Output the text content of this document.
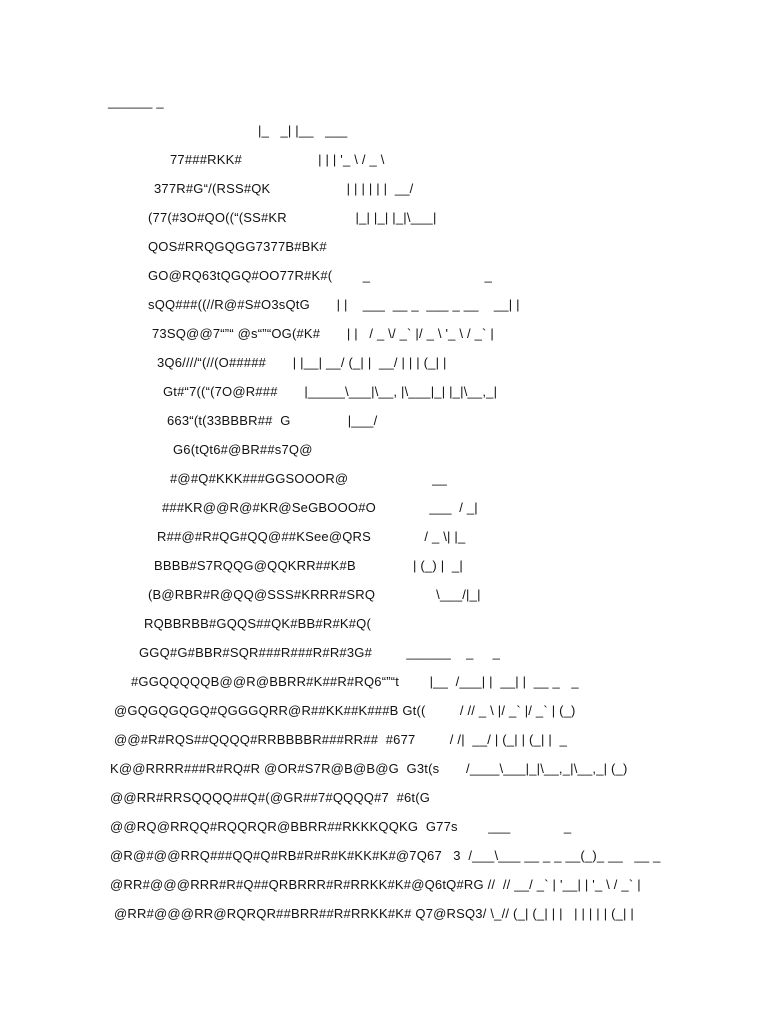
______ _
|_   _| |__   ___
77###RKK#                    | | | '_ \ / _ \
377R#G“/(RSS#QK                    | | | | | |  __/
(77(#3O#QO((“(SS#KR                  |_| |_| |_|\___|
QOS#RRQGQGG7377B#BK#
GO@RQ63tQGQ#OO77R#K#(        _                              _
sQQ###((//R@#S#O3sQtG       | |    ___  __ _  ___ _ __    __| |
73SQ@@7“”“ @s“”“OG(#K#       | |   / _ \/ _` |/ _ \ '_ \ / _` |
3Q6////“(//(O#####       | |__| __/ (_| |  __/ | | | (_| |
Gt#“7((“(7O@R###       |_____\___|\__, |\___|_| |_|\__,_|
663“(t(33BBBR##  G               |___/
G6(tQt6#@BR##s7Q@
#@#Q#KKK###GGSOOOR@                      __
###KR@@R@#KR@SeGBOOO#O              ___  / _|
R##@#R#QG#QQ@##KSee@QRS              / _ \| |_
BBBB#S7RQQG@QQKRR##K#B               | (_) |  _|
(B@RBR#R@QQ@SSS#KRRR#SRQ                \___/|_|
RQBBRBB#GQQS##QK#BB#R#K#Q(
GGQ#G#BBR#SQR###R###R#R#3G#         ______    _     _
#GGQQQQQB@@R@BBRR#K##R#RQ6“”“t        |__  /___| |  __| |  __ _   _
@GQGQGQGQ#QGGGQRR@R##KK##K###B Gt((         / // _ \ |/ _` |/ _` | (_)
@@#R#RQS##QQQQ#RRBBBBR###RR##  #677         / /|  __/ | (_| | (_| |  _
K@@RRRR###R#RQ#R @OR#S7R@B@B@G  G3t(s       /____\___|_|\__,_|\__,_| (_)
@@RR#RRSQQQQ##Q#(@GR##7#QQQQ#7  #6t(G
@@RQ@RRQQ#RQQRQR@BBRR##RKKKQQKG  G77s        ___              _
@R@#@@RRQ###QQ#Q#RB#R#R#K#KK#K#@7Q67   3  /___\___ __ _ _ __(_)_ __   __ _
@RR#@@@RRR#R#Q##QRBRRR#R#RRKK#K#@Q6tQ#RG //  // __/ _` | '__| | '_ \ / _` |
@RR#@@@RR@RQRQR##BRR##R#RRKK#K# Q7@RSQ3/ \_// (_| (_| | |   | | | | | (_| |
